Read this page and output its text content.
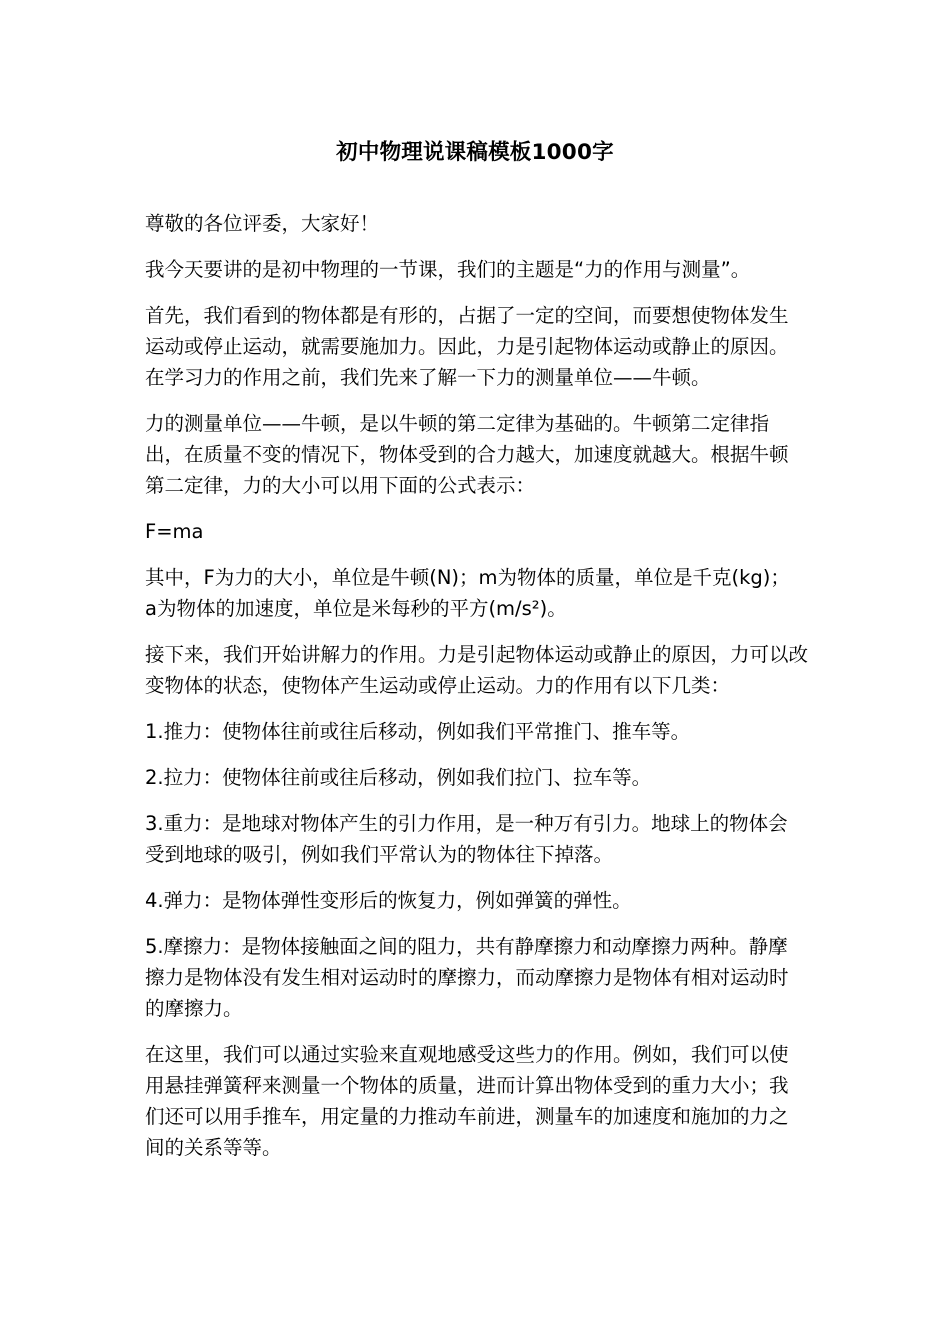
初中物理说课稿模板1000字

尊敬的各位评委，大家好！

我今天要讲的是初中物理的一节课，我们的主题是“力的作用与测量”。

首先，我们看到的物体都是有形的，占据了一定的空间，而要想使物体发生运动或停止运动，就需要施加力。因此，力是引起物体运动或静止的原因。在学习力的作用之前，我们先来了解一下力的测量单位——牛顿。

力的测量单位——牛顿，是以牛顿的第二定律为基础的。牛顿第二定律指出，在质量不变的情况下，物体受到的合力越大，加速度就越大。根据牛顿第二定律，力的大小可以用下面的公式表示：

F=ma

其中，F为力的大小，单位是牛顿(N)；m为物体的质量，单位是千克(kg)；a为物体的加速度，单位是米每秒的平方(m/s²)。

接下来，我们开始讲解力的作用。力是引起物体运动或静止的原因，力可以改变物体的状态，使物体产生运动或停止运动。力的作用有以下几类：

1.推力：使物体往前或往后移动，例如我们平常推门、推车等。

2.拉力：使物体往前或往后移动，例如我们拉门、拉车等。

3.重力：是地球对物体产生的引力作用，是一种万有引力。地球上的物体会受到地球的吸引，例如我们平常认为的物体往下掉落。

4.弹力：是物体弹性变形后的恢复力，例如弹簧的弹性。

5.摩擦力：是物体接触面之间的阻力，共有静摩擦力和动摩擦力两种。静摩擦力是物体没有发生相对运动时的摩擦力，而动摩擦力是物体有相对运动时的摩擦力。

在这里，我们可以通过实验来直观地感受这些力的作用。例如，我们可以使用悬挂弹簧秤来测量一个物体的质量，进而计算出物体受到的重力大小；我们还可以用手推车，用定量的力推动车前进，测量车的加速度和施加的力之间的关系等等。
